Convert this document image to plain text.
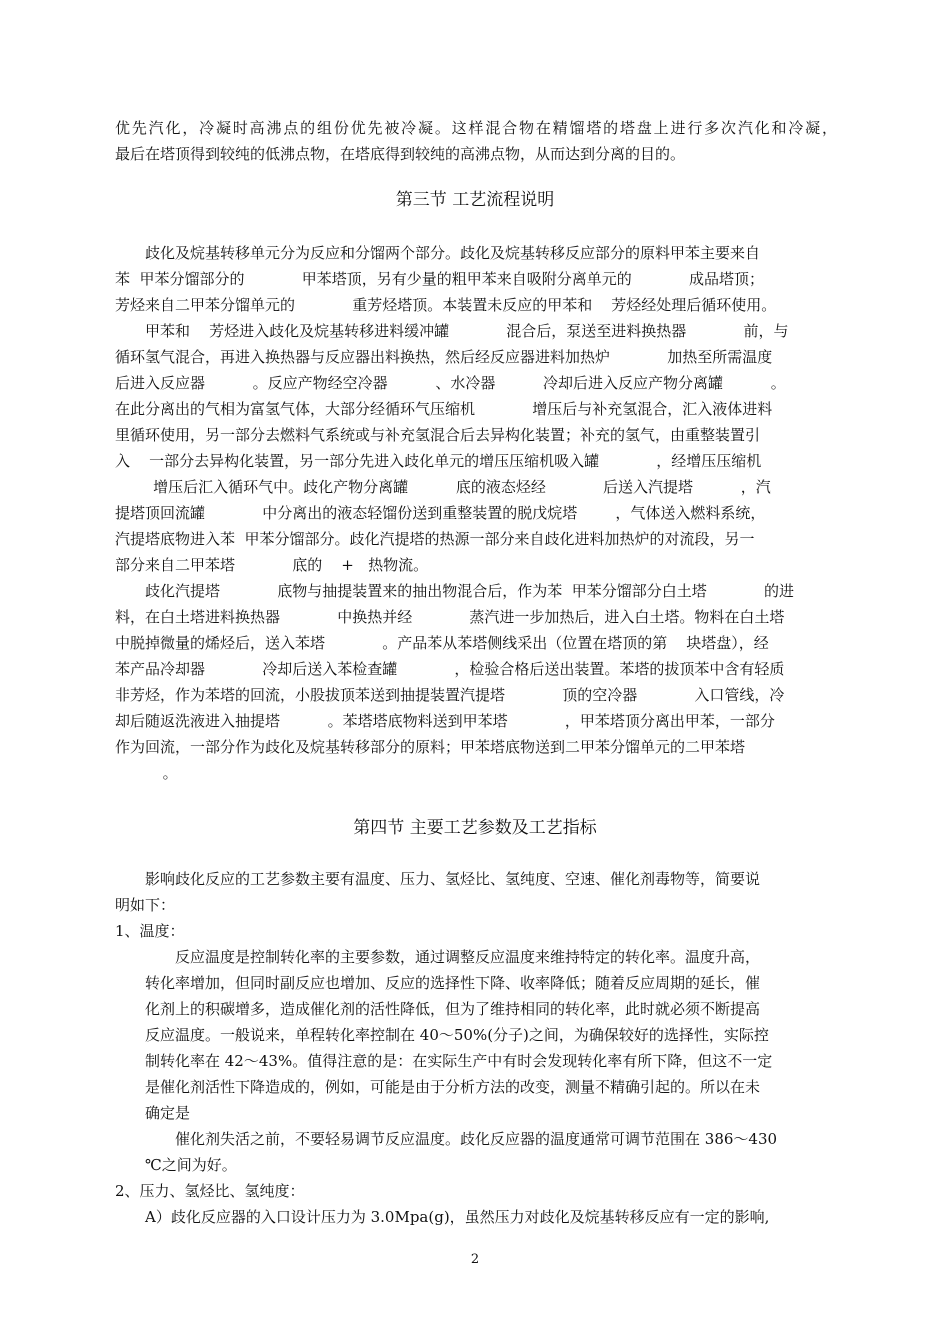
优先汽化，冷凝时高沸点的组份优先被冷凝。这样混合物在精馏塔的塔盘上进行多次汽化和冷凝，

最后在塔顶得到较纯的低沸点物，在塔底得到较纯的高沸点物，从而达到分离的目的。

第三节 工艺流程说明

歧化及烷基转移单元分为反应和分馏两个部分。歧化及烷基转移反应部分的原料甲苯主要来自

苯  甲苯分馏部分的            甲苯塔顶，另有少量的粗甲苯来自吸附分离单元的            成品塔顶；

芳烃来自二甲苯分馏单元的            重芳烃塔顶。本装置未反应的甲苯和    芳烃经处理后循环使用。

甲苯和    芳烃进入歧化及烷基转移进料缓冲罐            混合后，泵送至进料换热器            前，与

循环氢气混合，再进入换热器与反应器出料换热，然后经反应器进料加热炉            加热至所需温度

后进入反应器          。反应产物经空冷器          、水冷器          冷却后进入反应产物分离罐          。

在此分离出的气相为富氢气体，大部分经循环气压缩机            增压后与补充氢混合，汇入液体进料

里循环使用，另一部分去燃料气系统或与补充氢混合后去异构化装置；补充的氢气，由重整装置引

入    一部分去异构化装置，另一部分先进入歧化单元的增压压缩机吸入罐            ，经增压压缩机

增压后汇入循环气中。歧化产物分离罐          底的液态烃经            后送入汽提塔          ，汽

提塔顶回流罐            中分离出的液态轻馏份送到重整装置的脱戊烷塔        ，气体送入燃料系统，

汽提塔底物进入苯  甲苯分馏部分。歧化汽提塔的热源一部分来自歧化进料加热炉的对流段，另一

部分来自二甲苯塔            底的    +   热物流。

歧化汽提塔            底物与抽提装置来的抽出物混合后，作为苯  甲苯分馏部分白土塔            的进

料，在白土塔进料换热器            中换热并经            蒸汽进一步加热后，进入白土塔。物料在白土塔

中脱掉微量的烯烃后，送入苯塔            。产品苯从苯塔侧线采出（位置在塔顶的第    块塔盘），经

苯产品冷却器            冷却后送入苯检查罐            ，检验合格后送出装置。苯塔的拔顶苯中含有轻质

非芳烃，作为苯塔的回流，小股拔顶苯送到抽提装置汽提塔            顶的空冷器            入口管线，冷

却后随返洗液进入抽提塔          。苯塔塔底物料送到甲苯塔            ，甲苯塔顶分离出甲苯，一部分

作为回流，一部分作为歧化及烷基转移部分的原料；甲苯塔底物送到二甲苯分馏单元的二甲苯塔

。

第四节 主要工艺参数及工艺指标

影响歧化反应的工艺参数主要有温度、压力、氢烃比、氢纯度、空速、催化剂毒物等，简要说

明如下：

1、温度：

反应温度是控制转化率的主要参数，通过调整反应温度来维持特定的转化率。温度升高，

转化率增加，但同时副反应也增加、反应的选择性下降、收率降低；随着反应周期的延长，催

化剂上的积碳增多，造成催化剂的活性降低，但为了维持相同的转化率，此时就必须不断提高

反应温度。一般说来，单程转化率控制在 40～50%(分子)之间，为确保较好的选择性，实际控

制转化率在 42～43%。值得注意的是：在实际生产中有时会发现转化率有所下降，但这不一定

是催化剂活性下降造成的，例如，可能是由于分析方法的改变，测量不精确引起的。所以在未

确定是

催化剂失活之前，不要轻易调节反应温度。歧化反应器的温度通常可调节范围在 386～430

℃之间为好。

2、压力、氢烃比、氢纯度：

A）歧化反应器的入口设计压力为 3.0Mpa(g)，虽然压力对歧化及烷基转移反应有一定的影响,

2
